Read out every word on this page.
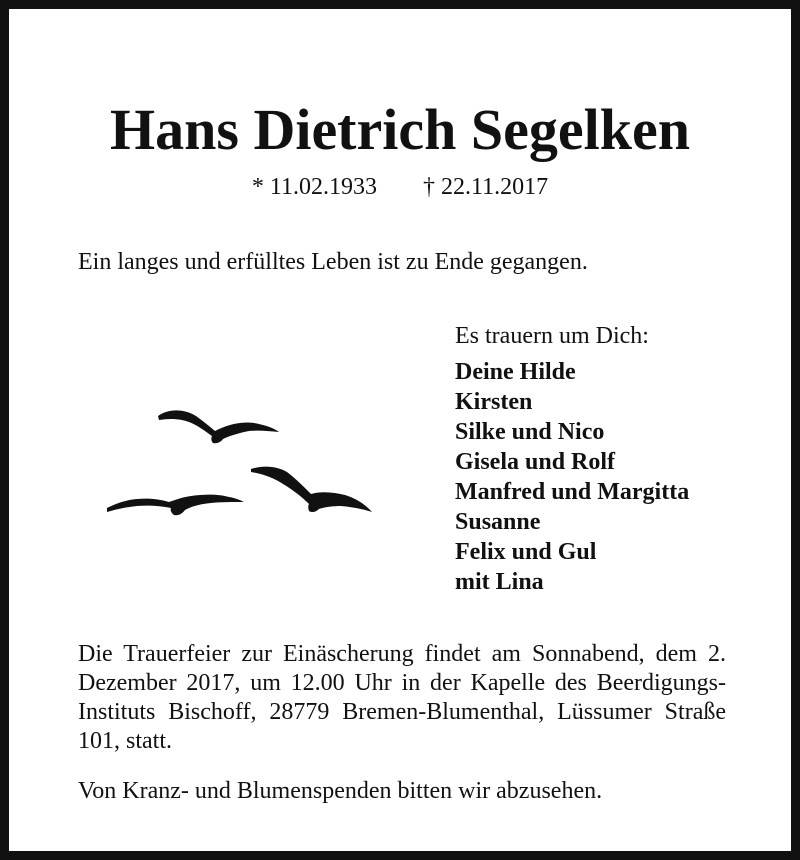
Hans Dietrich Segelken
* 11.02.1933 † 22.11.2017
Ein langes und erfülltes Leben ist zu Ende gegangen.
Es trauern um Dich:
Deine Hilde
Kirsten
Silke und Nico
Gisela und Rolf
Manfred und Margitta
Susanne
Felix und Gul
mit Lina

Die Trauerfeier zur Einäscherung findet am Sonnabend, dem 2. Dezember 2017, um 12.00 Uhr in der Kapelle des Beerdigungs-Instituts Bischoff, 28779 Bremen-Blumenthal, Lüssumer Straße 101, statt.

Von Kranz- und Blumenspenden bitten wir abzusehen.
